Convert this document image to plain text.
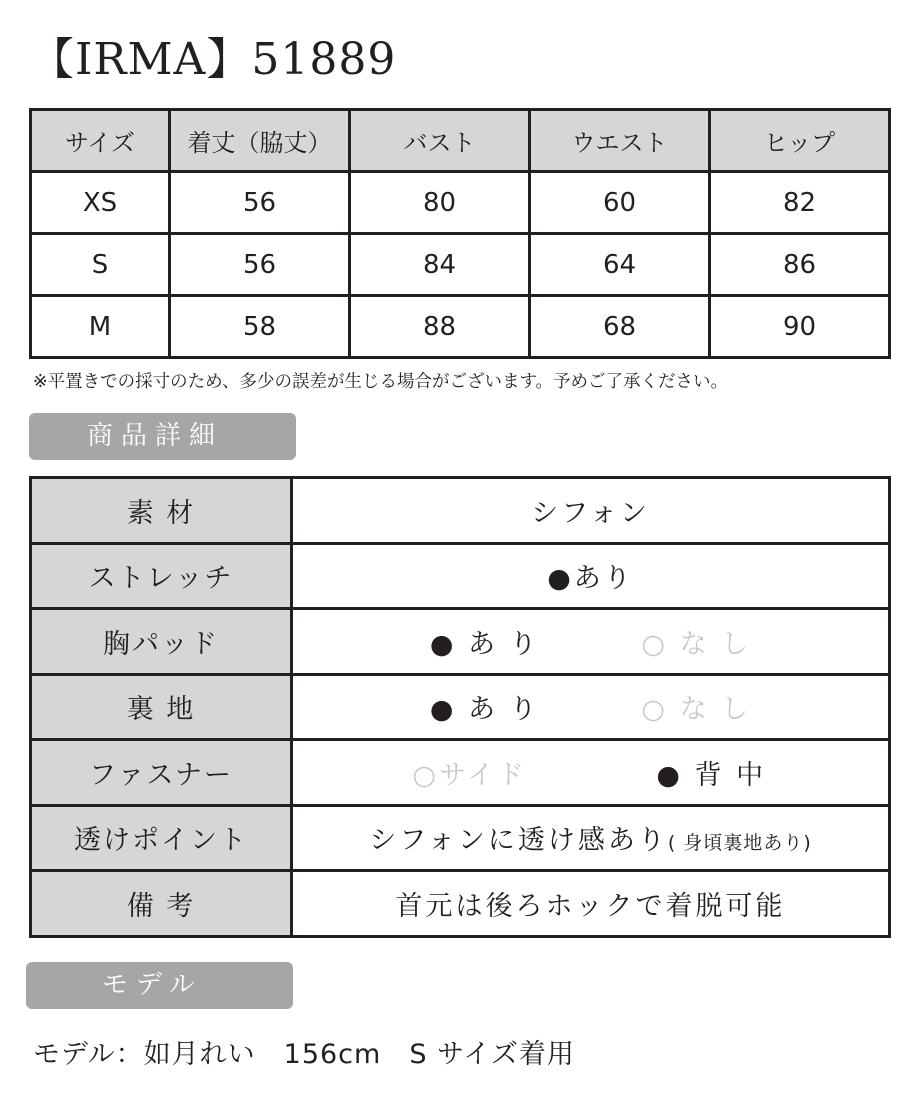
【IRMA】51889
サイズ	着丈（脇丈）	バスト	ウエスト	ヒップ
XS	56	80	60	82
S	56	84	64	86
M	58	88	68	90
※平置きでの採寸のため、多少の誤差が生じる場合がございます。予めご了承ください。
商品詳細
素 材	シフォン
ストレッチ	●あり
胸パッド	● あ り ○ な し
裏 地	● あ り ○ な し
ファスナー	○サイド ● 背 中
透けポイント	シフォンに透け感あり( 身頃裏地あり)
備 考	首元は後ろホックで着脱可能
モデル
モデル：如月れい　156cm　S サイズ着用
